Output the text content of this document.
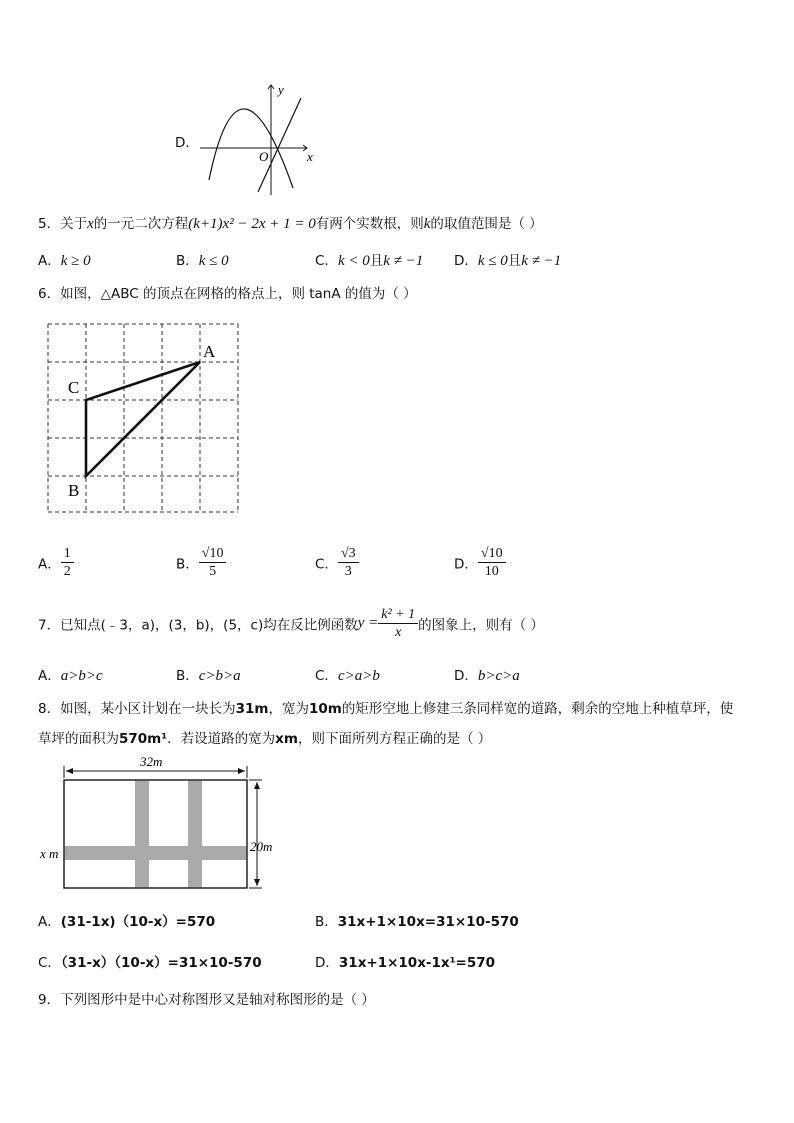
D．
y
x
O
5．关于x的一元二次方程(k+1)x² − 2x + 1 = 0有两个实数根，则k的取值范围是（ ）
A．k ≥ 0	B．k ≤ 0	C．k < 0且k ≠ −1 D．k ≤ 0且k ≠ −1
6．如图，△ABC 的顶点在网格的格点上，则 tanA 的值为（ ）
A
C
B
A． $\frac{1}{2}$	B． $\frac{√10}{5}$	C． $\frac{√3}{3}$	D． $\frac{√10}{10}$
7．已知点(﹣3，a)，(3，b)，(5，c)均在反比例函数$y = \frac{\text{k² + 1}}{x}$ 的图象上，则有（ ）
A．a>b>c	B．c>b>a	C．c>a>b	D．b>c>a
8．如图，某小区计划在一块长为31m，宽为10m的矩形空地上修建三条同样宽的道路，剩余的空地上种植草坪，使
草坪的面积为570m¹．若设道路的宽为xm，则下面所列方程正确的是（ ）
32m
20m
x m
A．(31-1x)（10-x）=570	B．31x+1×10x=31×10-570
C．（31-x）（10-x）=31×10-570	D．31x+1×10x-1x¹=570
9．下列图形中是中心对称图形又是轴对称图形的是（ ）
